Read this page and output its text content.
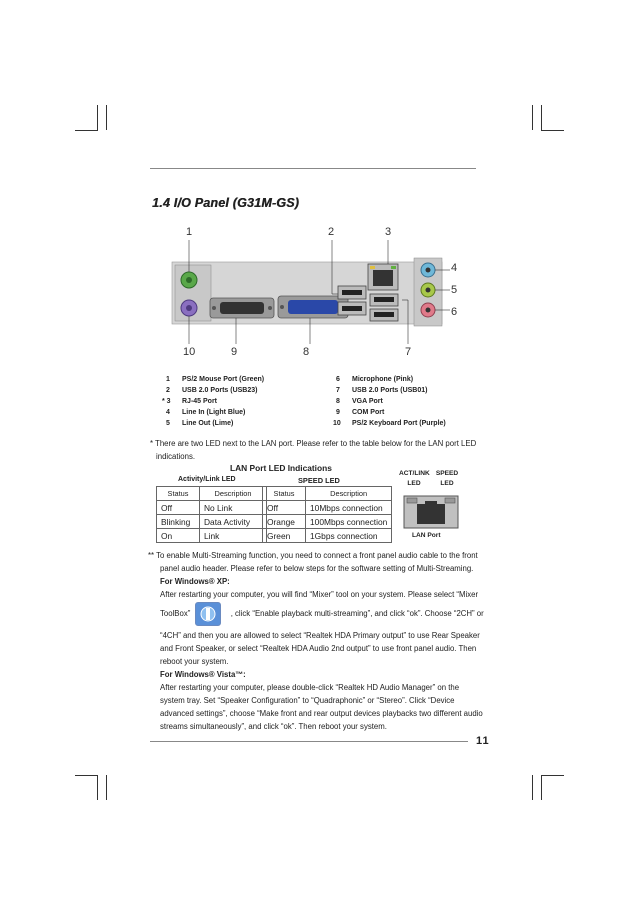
1.4 I/O Panel (G31M-GS)
1	2	3
4
5
6
10	9	8	7
1 PS/2 Mouse Port (Green)
2 USB 2.0 Ports (USB23)
* 3 RJ-45 Port
4 Line In (Light Blue)
5 Line Out (Lime)
6 Microphone (Pink)
7 USB 2.0 Ports (USB01)
8 VGA Port
9 COM Port
10 PS/2 Keyboard Port (Purple)

* There are two LED next to the LAN port. Please refer to the table below for the LAN port LED

indications.

LAN Port LED Indications
Activity/Link LED
Status	Description
Off	No Link
Blinking	Data Activity
On	Link
SPEED LED
Status	Description
Off	10Mbps connection
Orange	100Mbps connection
Green	1Gbps connection
ACT/LINK
LED
SPEED
LED
LAN Port

** To enable Multi-Streaming function, you need to connect a front panel audio cable to the front

panel audio header. Please refer to below steps for the software setting of Multi-Streaming.

For Windows® XP:

After restarting your computer, you will find “Mixer” tool on your system. Please select “Mixer

ToolBox”	, click “Enable playback multi-streaming”, and click “ok”. Choose “2CH” or

“4CH” and then you are allowed to select “Realtek HDA Primary output” to use Rear Speaker

and Front Speaker, or select “Realtek HDA Audio 2nd output” to use front panel audio. Then

reboot your system.

For Windows® Vista™:

After restarting your computer, please double-click “Realtek HD Audio Manager” on the

system tray. Set “Speaker Configuration” to “Quadraphonic” or “Stereo”. Click “Device

advanced settings”, choose “Make front and rear output devices playbacks two different audio

streams simultaneously”, and click “ok”. Then reboot your system.

11
